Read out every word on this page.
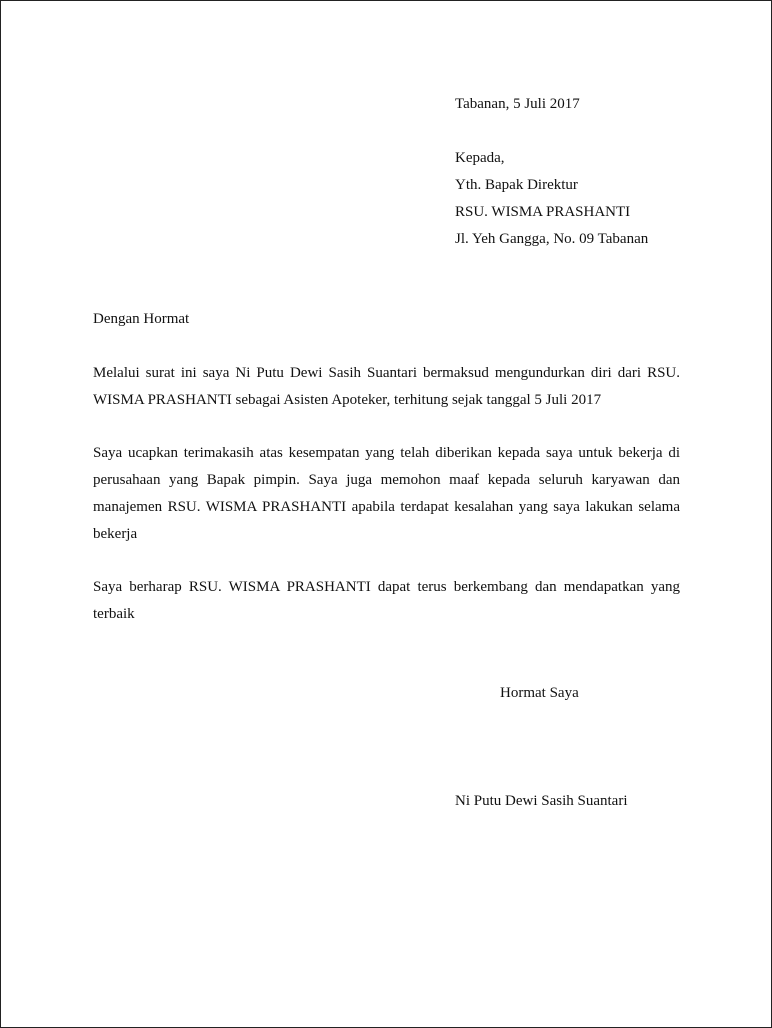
Tabanan, 5 Juli 2017
Kepada,
Yth. Bapak Direktur
RSU. WISMA PRASHANTI
Jl. Yeh Gangga, No. 09 Tabanan
Dengan Hormat
Melalui surat ini saya Ni Putu Dewi Sasih Suantari bermaksud mengundurkan diri dari RSU.
WISMA PRASHANTI sebagai Asisten Apoteker, terhitung sejak tanggal 5 Juli 2017
Saya ucapkan terimakasih atas kesempatan yang telah diberikan kepada saya untuk bekerja di
perusahaan yang Bapak pimpin. Saya juga memohon maaf kepada seluruh karyawan dan
manajemen RSU. WISMA PRASHANTI apabila terdapat kesalahan yang saya lakukan selama
bekerja
Saya berharap RSU. WISMA PRASHANTI dapat terus berkembang dan mendapatkan yang
terbaik
Hormat Saya
Ni Putu Dewi Sasih Suantari
